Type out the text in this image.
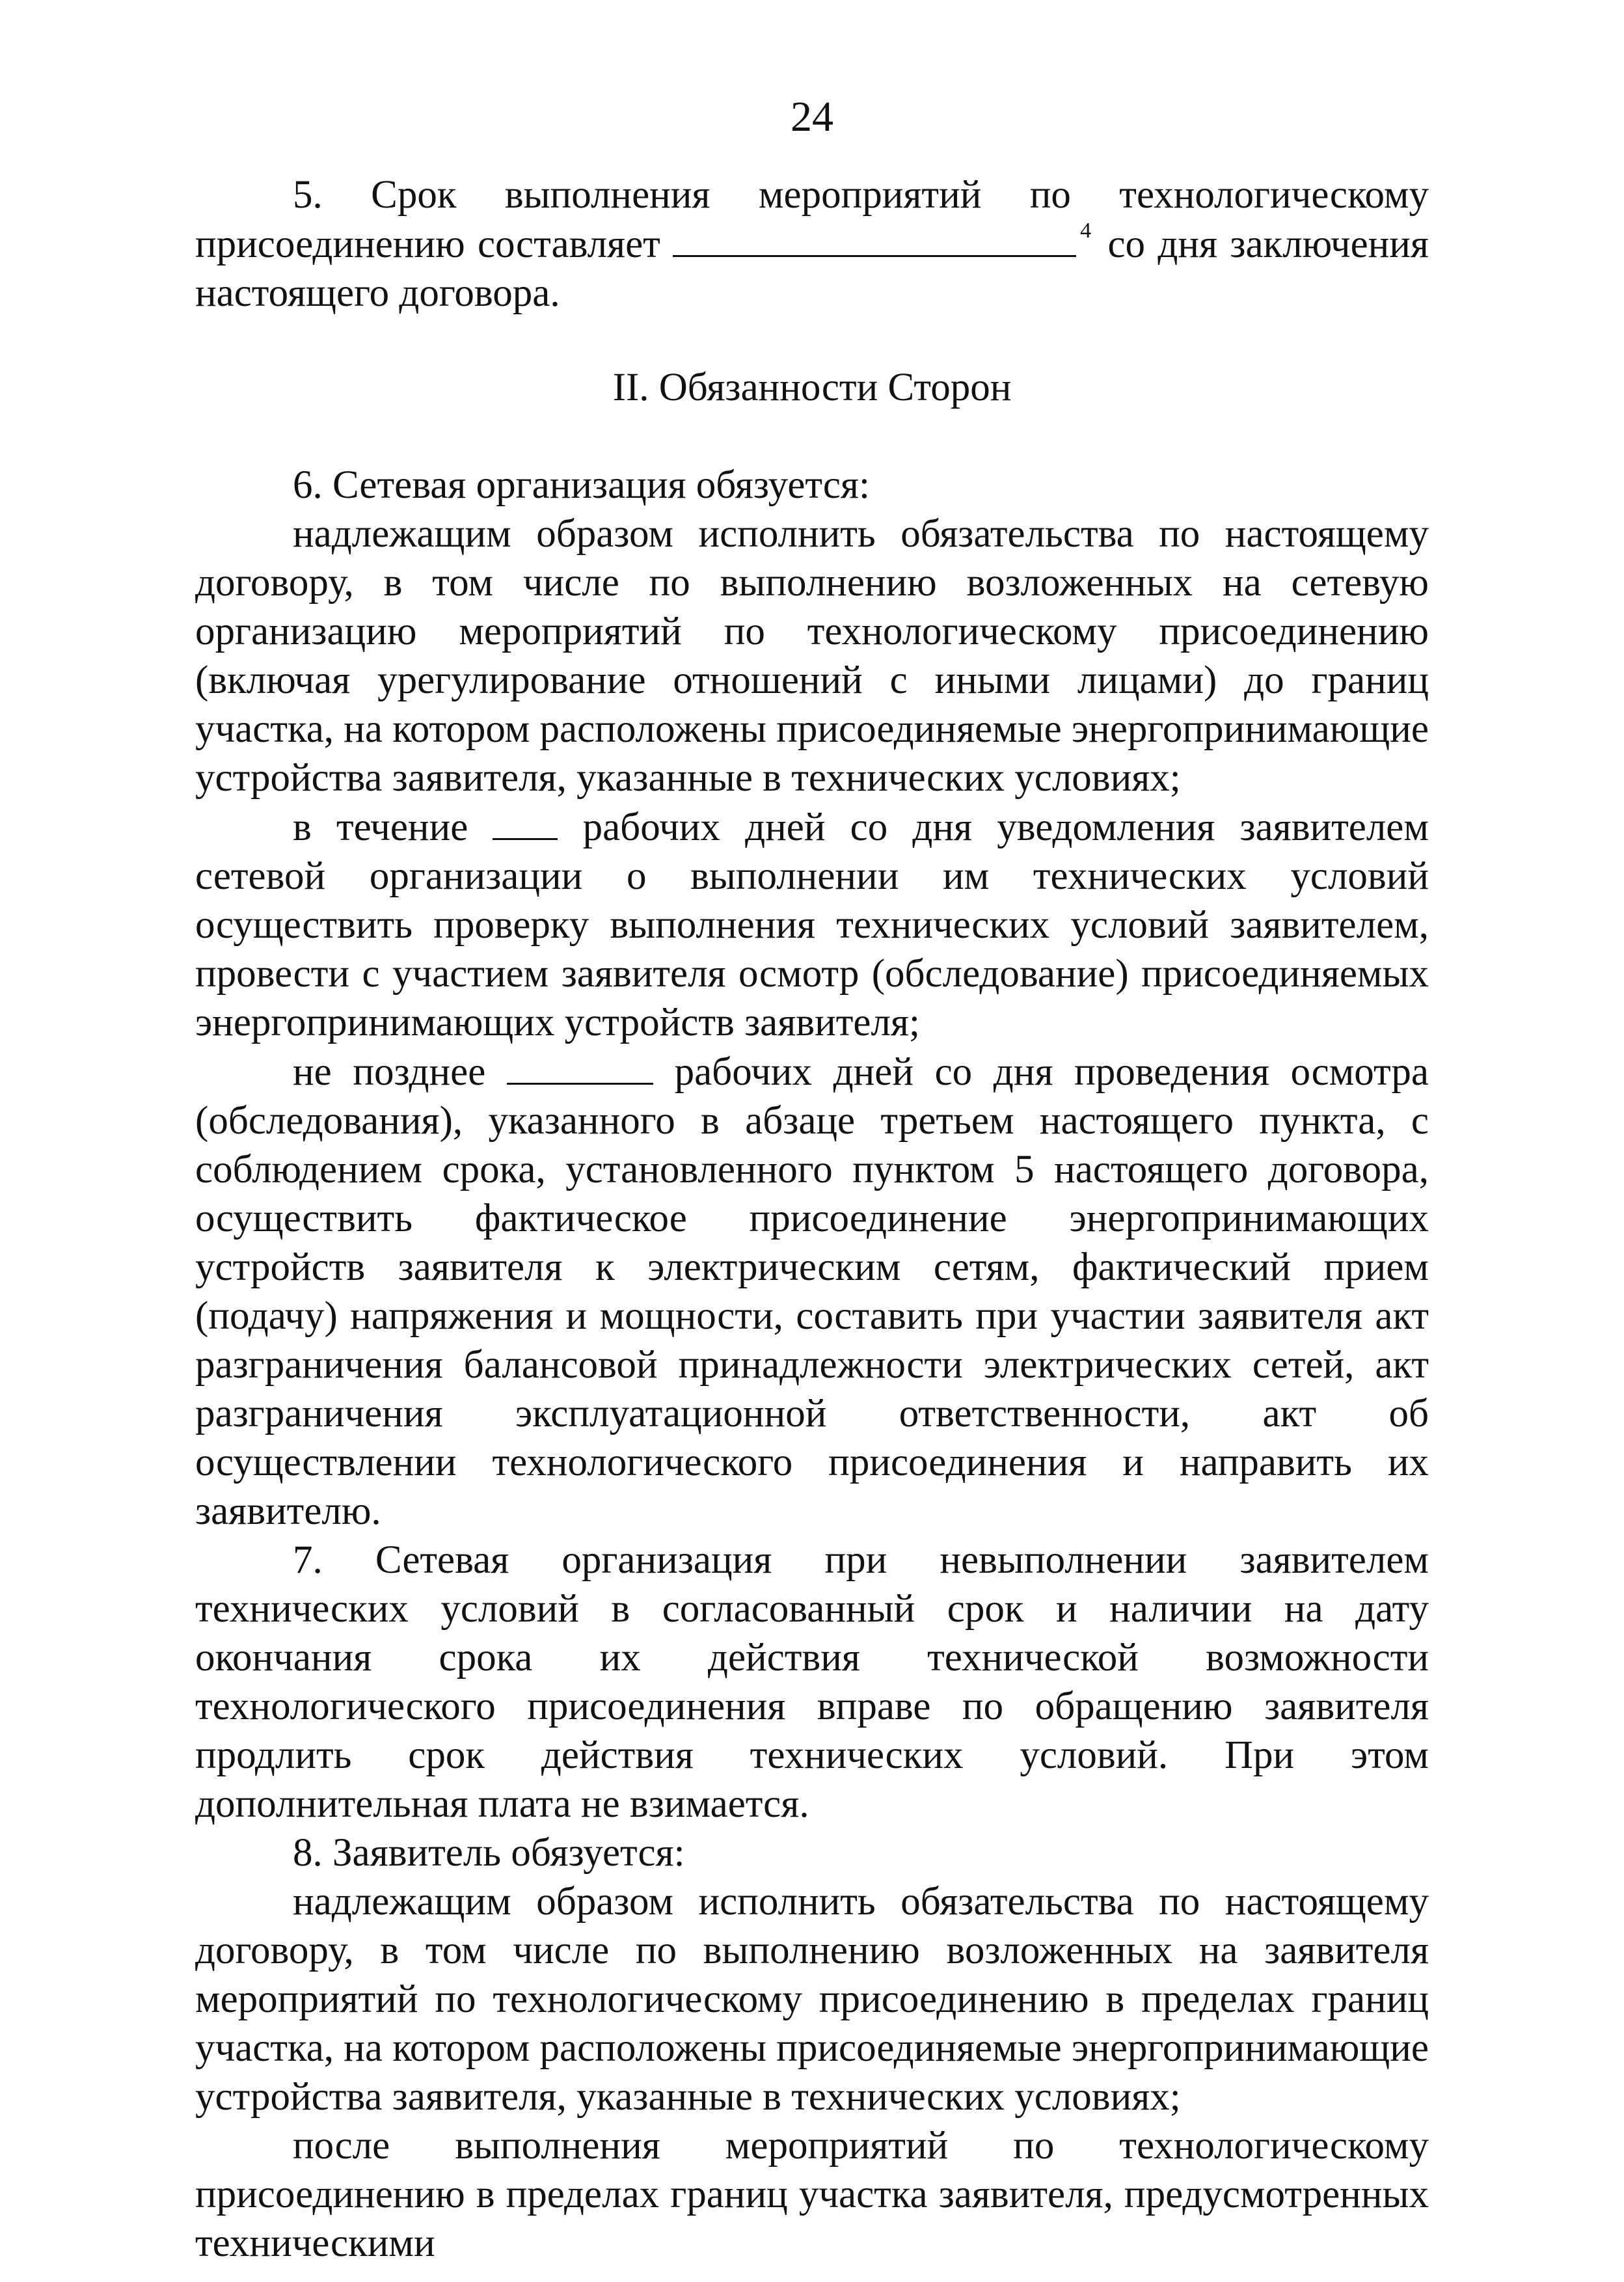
24

5. Срок выполнения мероприятий по технологическому присоединению составляет	$^4$ со дня заключения настоящего договора.

II. Обязанности Сторон

6. Сетевая организация обязуется:

надлежащим образом исполнить обязательства по настоящему договору, в том числе по выполнению возложенных на сетевую организацию мероприятий по технологическому присоединению (включая урегулирование отношений с иными лицами) до границ участка, на котором расположены присоединяемые энергопринимающие устройства заявителя, указанные в технических условиях;

в течение  рабочих дней со дня уведомления заявителем сетевой организации о выполнении им технических условий осуществить проверку выполнения технических условий заявителем, провести с участием заявителя осмотр (обследование) присоединяемых энергопринимающих устройств заявителя;

не позднее	рабочих дней со дня проведения осмотра (обследования), указанного в абзаце третьем настоящего пункта, с соблюдением срока, установленного пунктом 5 настоящего договора, осуществить фактическое присоединение энергопринимающих устройств заявителя к электрическим сетям, фактический прием (подачу) напряжения и мощности, составить при участии заявителя акт разграничения балансовой принадлежности электрических сетей, акт разграничения эксплуатационной ответственности, акт об осуществлении технологического присоединения и направить их заявителю.

7. Сетевая организация при невыполнении заявителем технических условий в согласованный срок и наличии на дату окончания срока их действия технической возможности технологического присоединения вправе по обращению заявителя продлить срок действия технических условий. При этом дополнительная плата не взимается.

8. Заявитель обязуется:

надлежащим образом исполнить обязательства по настоящему договору, в том числе по выполнению возложенных на заявителя мероприятий по технологическому присоединению в пределах границ участка, на котором расположены присоединяемые энергопринимающие устройства заявителя, указанные в технических условиях;

после выполнения мероприятий по технологическому присоединению в пределах границ участка заявителя, предусмотренных техническими
